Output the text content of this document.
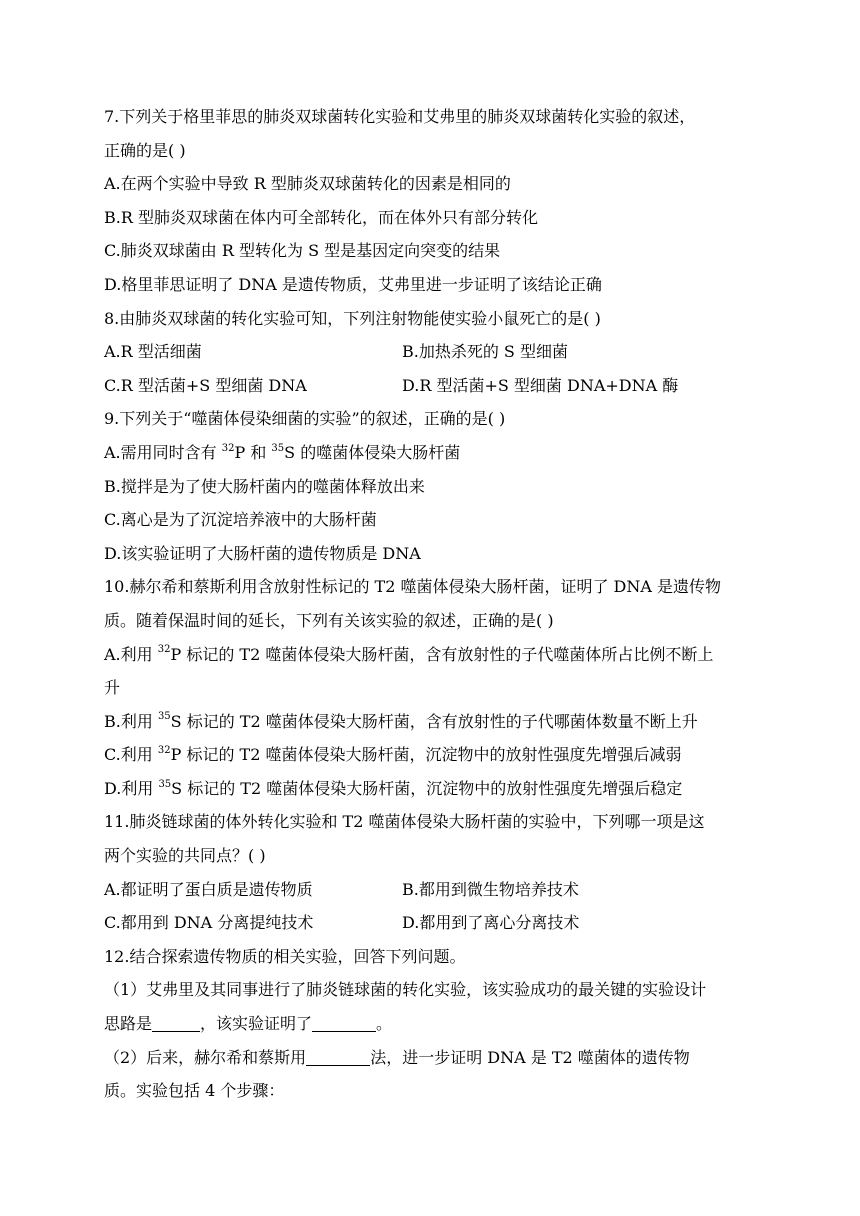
7.下列关于格里菲思的肺炎双球菌转化实验和艾弗里的肺炎双球菌转化实验的叙述，
正确的是( )
A.在两个实验中导致 R 型肺炎双球菌转化的因素是相同的
B.R 型肺炎双球菌在体内可全部转化，而在体外只有部分转化
C.肺炎双球菌由 R 型转化为 S 型是基因定向突变的结果
D.格里菲思证明了 DNA 是遗传物质，艾弗里进一步证明了该结论正确
8.由肺炎双球菌的转化实验可知，下列注射物能使实验小鼠死亡的是( )
A.R 型活细菌	B.加热杀死的 S 型细菌
C.R 型活菌+S 型细菌 DNA	D.R 型活菌+S 型细菌 DNA+DNA 酶
9.下列关于“噬菌体侵染细菌的实验”的叙述，正确的是( )
A.需用同时含有 $^{32}$P 和 $^{35}$S 的噬菌体侵染大肠杆菌
B.搅拌是为了使大肠杆菌内的噬菌体释放出来
C.离心是为了沉淀培养液中的大肠杆菌
D.该实验证明了大肠杆菌的遗传物质是 DNA
10.赫尔希和蔡斯利用含放射性标记的 T2 噬菌体侵染大肠杆菌，证明了 DNA 是遗传物
质。随着保温时间的延长，下列有关该实验的叙述，正确的是( )
A.利用 $^{32}$P 标记的 T2 噬菌体侵染大肠杆菌，含有放射性的子代噬菌体所占比例不断上
升
B.利用 $^{35}$S 标记的 T2 噬菌体侵染大肠杆菌，含有放射性的子代哪菌体数量不断上升
C.利用 $^{32}$P 标记的 T2 噬菌体侵染大肠杆菌，沉淀物中的放射性强度先增强后减弱
D.利用 $^{35}$S 标记的 T2 噬菌体侵染大肠杆菌，沉淀物中的放射性强度先增强后稳定
11.肺炎链球菌的体外转化实验和 T2 噬菌体侵染大肠杆菌的实验中，下列哪一项是这
两个实验的共同点？( )
A.都证明了蛋白质是遗传物质	B.都用到微生物培养技术
C.都用到 DNA 分离提纯技术	D.都用到了离心分离技术
12.结合探索遗传物质的相关实验，回答下列问题。
（1）艾弗里及其同事进行了肺炎链球菌的转化实验，该实验成功的最关键的实验设计
思路是	，该实验证明了	。
（2）后来，赫尔希和蔡斯用	法，进一步证明 DNA 是 T2 噬菌体的遗传物
质。实验包括 4 个步骤：
